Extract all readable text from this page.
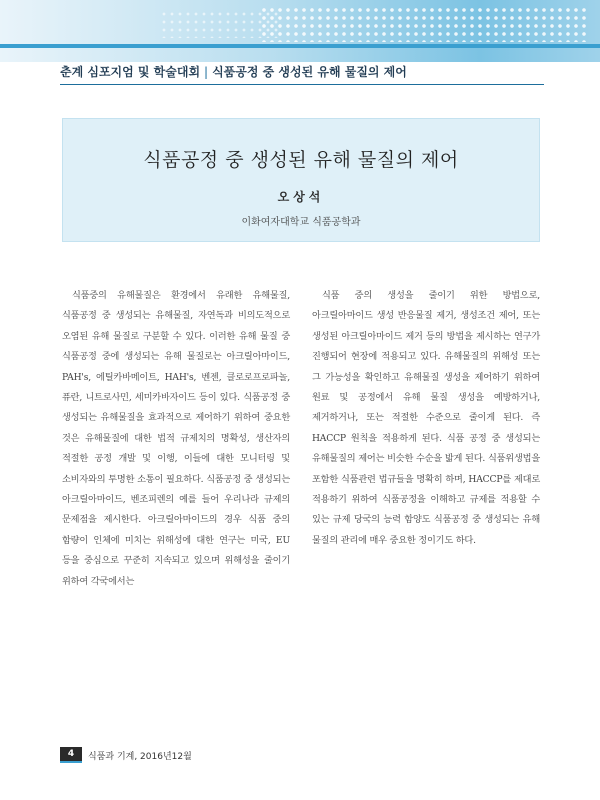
춘계 심포지엄 및 학술대회 | 식품공정 중 생성된 유해 물질의 제어
식품공정 중 생성된 유해 물질의 제어
오상석
이화여자대학교 식품공학과
식품중의 유해물질은 환경에서 유래한 유해물질, 식품공정 중 생성되는 유해물질, 자연독과 비의도적으로 오염된 유해 물질로 구분할 수 있다. 이러한 유해 물질 중 식품공정 중에 생성되는 유해 물질로는 아크릴아마이드, PAH's, 에틸카바메이트, HAH's, 벤젠, 클로로프로파놀, 퓨란, 니트로사민, 세미카바자이드 등이 있다. 식품공정 중 생성되는 유해물질을 효과적으로 제어하기 위하여 중요한 것은 유해물질에 대한 법적 규제치의 명확성, 생산자의 적절한 공정 개발 및 이행, 이들에 대한 모니터링 및 소비자와의 투명한 소통이 필요하다. 식품공정 중 생성되는 아크릴아마이드, 벤조피렌의 예를 들어 우리나라 규제의 문제점을 제시한다. 아크릴아마이드의 경우 식품 중의 함량이 인체에 미치는 위해성에 대한 연구는 미국, EU 등을 중심으로 꾸준히 지속되고 있으며 위해성을 줄이기 위하여 각국에서는
식품 중의 생성을 줄이기 위한 방법으로, 아크릴아마이드 생성 반응물질 제거, 생성조건 제어, 또는 생성된 아크릴아마이드 제거 등의 방법을 제시하는 연구가 진행되어 현장에 적용되고 있다. 유해물질의 위해성 또는 그 가능성을 확인하고 유해물질 생성을 제어하기 위하여 원료 및 공정에서 유해 물질 생성을 예방하거나, 제거하거나, 또는 적절한 수준으로 줄이게 된다. 즉 HACCP 원칙을 적용하게 된다. 식품 공정 중 생성되는 유해물질의 제어는 비슷한 수순을 밟게 된다. 식품위생법을 포함한 식품관련 법규들을 명확히 하며, HACCP를 제대로 적용하기 위하여 식품공정을 이해하고 규제를 적용할 수 있는 규제 당국의 능력 함양도 식품공정 중 생성되는 유해 물질의 관리에 매우 중요한 정이기도 하다.
4	식품과 기계, 2016년12월
